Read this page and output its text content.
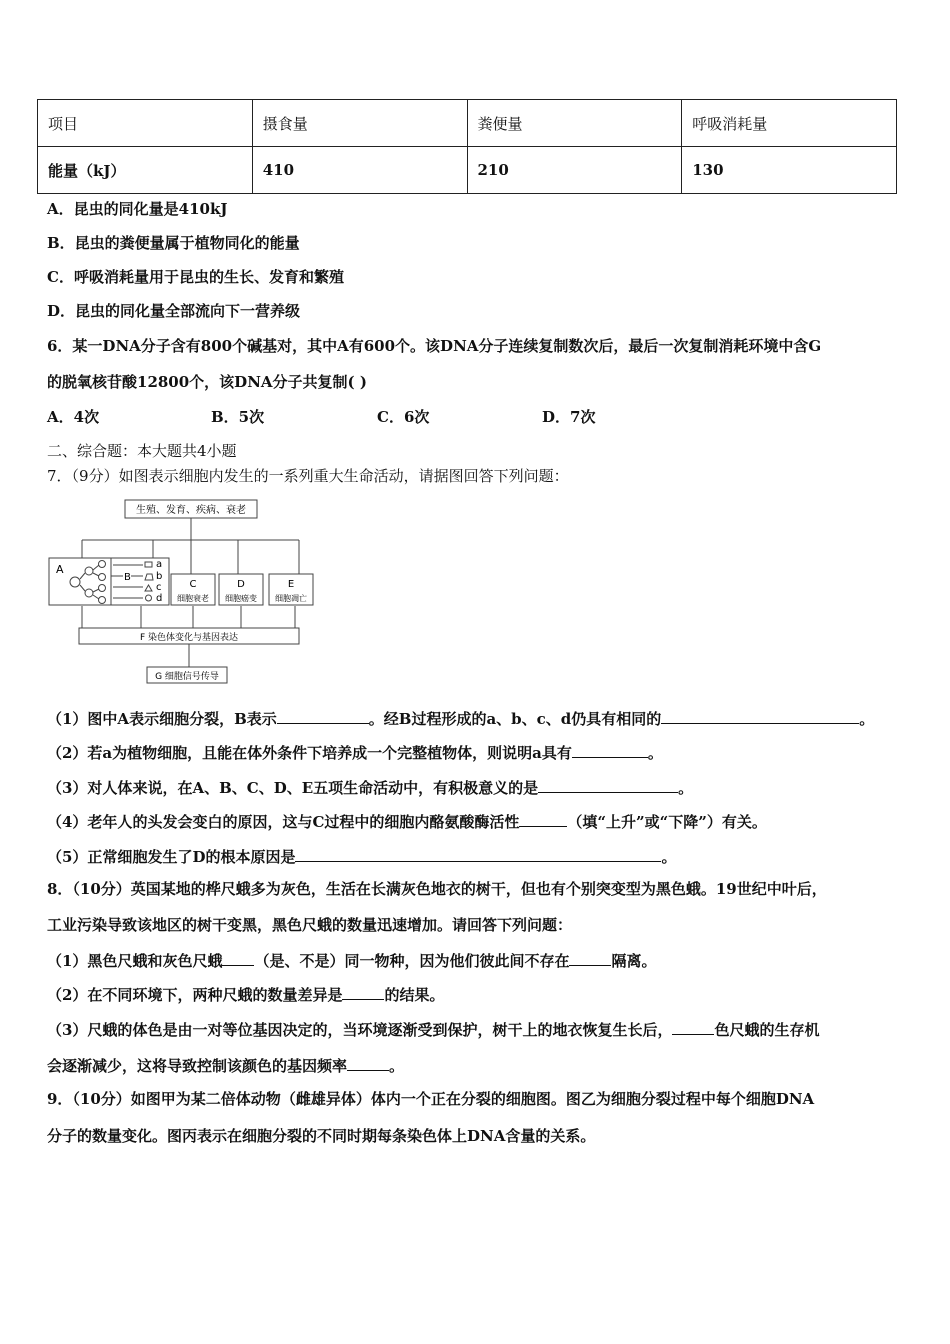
项目	摄食量	粪便量	呼吸消耗量
能量（kJ）	410	210	130
A．昆虫的同化量是410kJ
B．昆虫的粪便量属于植物同化的能量
C．呼吸消耗量用于昆虫的生长、发育和繁殖
D．昆虫的同化量全部流向下一营养级
6．某一DNA分子含有800个碱基对，其中A有600个。该DNA分子连续复制数次后，最后一次复制消耗环境中含G
的脱氧核苷酸12800个，该DNA分子共复制( )
A．4次	B．5次	C．6次	D．7次
二、综合题：本大题共4小题
7．（9分）如图表示细胞内发生的一系列重大生命活动，请据图回答下列问题：
生殖、发育、疾病、衰老
A
B
a
b
c
d
C
细胞衰老
D
细胞癌变
E
细胞凋亡
F 染色体变化与基因表达
G 细胞信号传导
（1）图中A表示细胞分裂，B表示	。经B过程形成的a、b、c、d仍具有相同的	。
（2）若a为植物细胞，且能在体外条件下培养成一个完整植物体，则说明a具有	。
（3）对人体来说，在A、B、C、D、E五项生命活动中，有积极意义的是	。
（4）老年人的头发会变白的原因，这与C过程中的细胞内酪氨酸酶活性	（填“上升”或“下降”）有关。
（5）正常细胞发生了D的根本原因是	。
8．（10分）英国某地的桦尺蛾多为灰色，生活在长满灰色地衣的树干，但也有个别突变型为黑色蛾。19世纪中叶后，
工业污染导致该地区的树干变黑，黑色尺蛾的数量迅速增加。请回答下列问题：
（1）黑色尺蛾和灰色尺蛾 （是、不是）同一物种，因为他们彼此间不存在	隔离。
（2）在不同环境下，两种尺蛾的数量差异是	的结果。
（3）尺蛾的体色是由一对等位基因决定的，当环境逐渐受到保护，树干上的地衣恢复生长后，	色尺蛾的生存机
会逐渐减少，这将导致控制该颜色的基因频率	。
9．（10分）如图甲为某二倍体动物（雌雄异体）体内一个正在分裂的细胞图。图乙为细胞分裂过程中每个细胞DNA
分子的数量变化。图丙表示在细胞分裂的不同时期每条染色体上DNA含量的关系。
